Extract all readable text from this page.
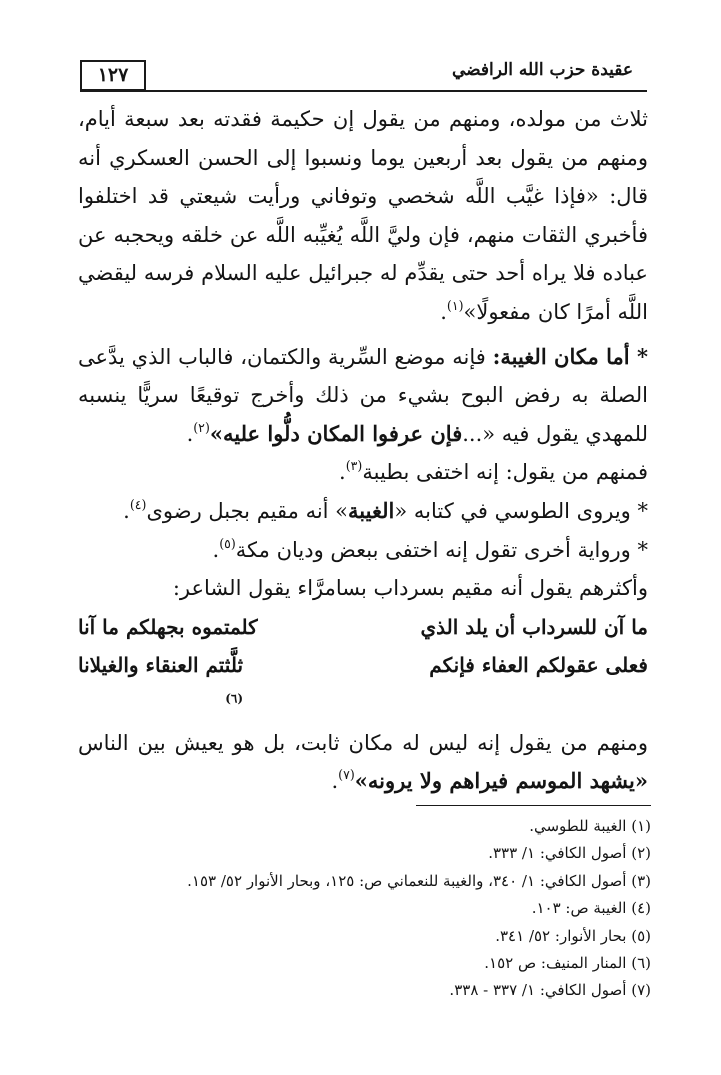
عقيدة حزب الله الرافضي
١٢٧

ثلاث من مولده، ومنهم من يقول إن حكيمة فقدته بعد سبعة أيام، ومنهم من يقول بعد أربعين يوما ونسبوا إلى الحسن العسكري أنه قال: «فإذا غيَّب اللَّه شخصي وتوفاني ورأيت شيعتي قد اختلفوا فأخبري الثقات منهم، فإن وليَّ اللَّه يُغيِّبه اللَّه عن خلقه ويحجبه عن عباده فلا يراه أحد حتى يقدِّم له جبرائيل عليه السلام فرسه ليقضي اللَّه أمرًا كان مفعولًا»$^{(١)}$.

* أما مكان الغيبة: فإنه موضع السِّرية والكتمان، فالباب الذي يدَّعى الصلة به رفض البوح بشيء من ذلك وأخرج توقيعًا سريًّا ينسبه للمهدي يقول فيه «...فإن عرفوا المكان دلُّوا عليه»$^{(٢)}$.

فمنهم من يقول: إنه اختفى بطيبة$^{(٣)}$.

* ويروى الطوسي في كتابه «الغيبة» أنه مقيم بجبل رضوى$^{(٤)}$.

* ورواية أخرى تقول إنه اختفى ببعض وديان مكة$^{(٥)}$.

وأكثرهم يقول أنه مقيم بسرداب بسامرَّاء يقول الشاعر:

ما آن للسرداب أن يلد الذي
كلمتموه بجهلكم ما آنا
فعلى عقولكم العفاء فإنكم
ثلَّثتم العنقاء والغيلانا
$^{(٦)}$

ومنهم من يقول إنه ليس له مكان ثابت، بل هو يعيش بين الناس «يشهد الموسم فيراهم ولا يرونه»$^{(٧)}$.

(١) الغيبة للطوسي.

(٢) أصول الكافي: ١/ ٣٣٣.

(٣) أصول الكافي: ١/ ٣٤٠، والغيبة للنعماني ص: ١٢٥، وبحار الأنوار ٥٢/ ١٥٣.

(٤) الغيبة ص: ١٠٣.

(٥) بحار الأنوار: ٥٢/ ٣٤١.

(٦) المنار المنيف: ص ١٥٢.

(٧) أصول الكافي: ١/ ٣٣٧ - ٣٣٨.
